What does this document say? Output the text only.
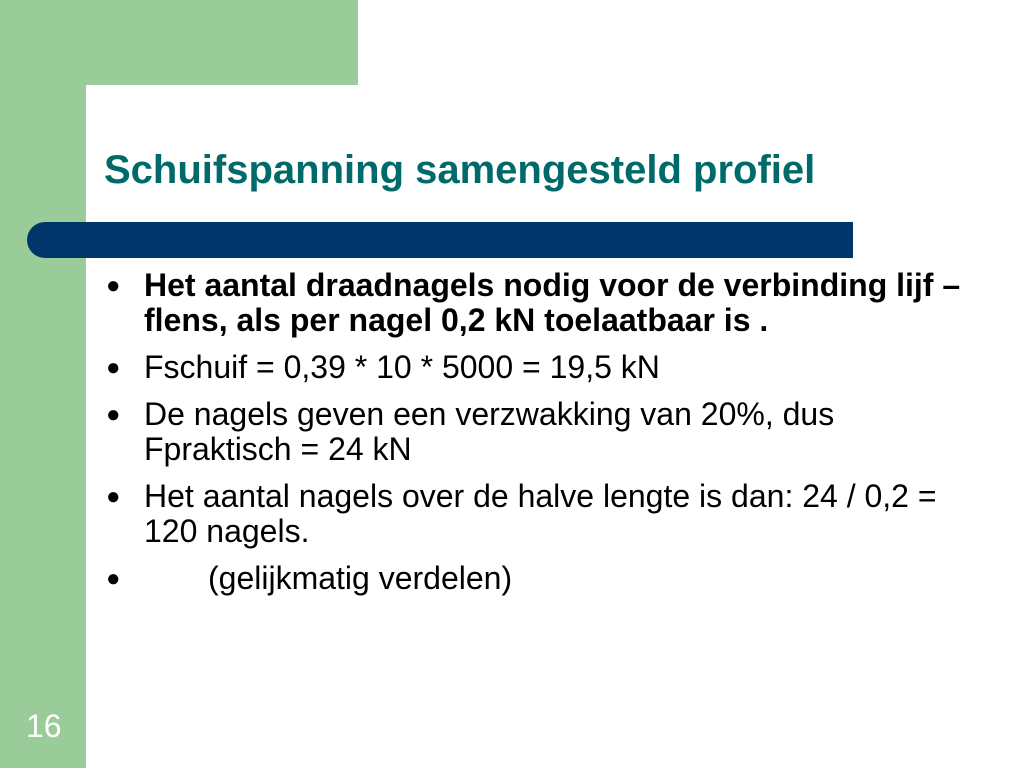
Schuifspanning samengesteld profiel
● Het aantal draadnagels nodig voor de verbinding lijf – flens, als per nagel 0,2 kN toelaatbaar is .
● Fschuif = 0,39 * 10 * 5000 = 19,5 kN
● De nagels geven een verzwakking van 20%, dus Fpraktisch = 24 kN
● Het aantal nagels over de halve lengte is dan: 24 / 0,2 = 120 nagels.
●	(gelijkmatig verdelen)
16
